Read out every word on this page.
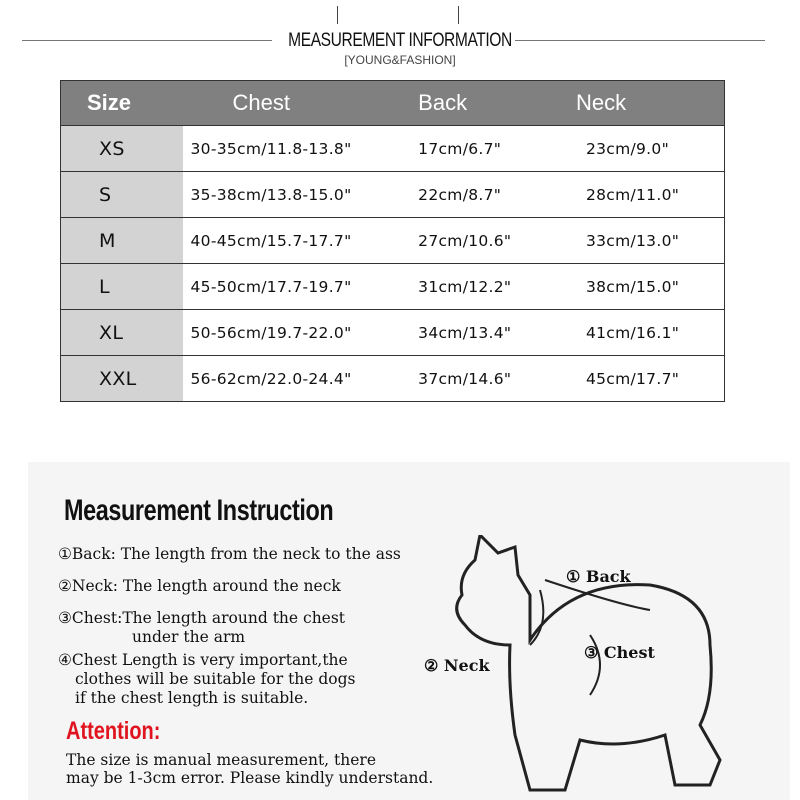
MEASUREMENT INFORMATION
[YOUNG&FASHION]
Size	Chest	Back	Neck
XS	30-35cm/11.8-13.8"	17cm/6.7"	23cm/9.0"
S	35-38cm/13.8-15.0"	22cm/8.7"	28cm/11.0"
M	40-45cm/15.7-17.7"	27cm/10.6"	33cm/13.0"
L	45-50cm/17.7-19.7"	31cm/12.2"	38cm/15.0"
XL	50-56cm/19.7-22.0"	34cm/13.4"	41cm/16.1"
XXL	56-62cm/22.0-24.4"	37cm/14.6"	45cm/17.7"
Measurement Instruction
①Back: The length from the neck to the ass
②Neck: The length around the neck
③Chest:The length around the chest
under the arm
④Chest Length is very important,the
clothes will be suitable for the dogs
if the chest length is suitable.
Attention:
The size is manual measurement, there
may be 1-3cm error. Please kindly understand.
① Back
② Neck
③ Chest
